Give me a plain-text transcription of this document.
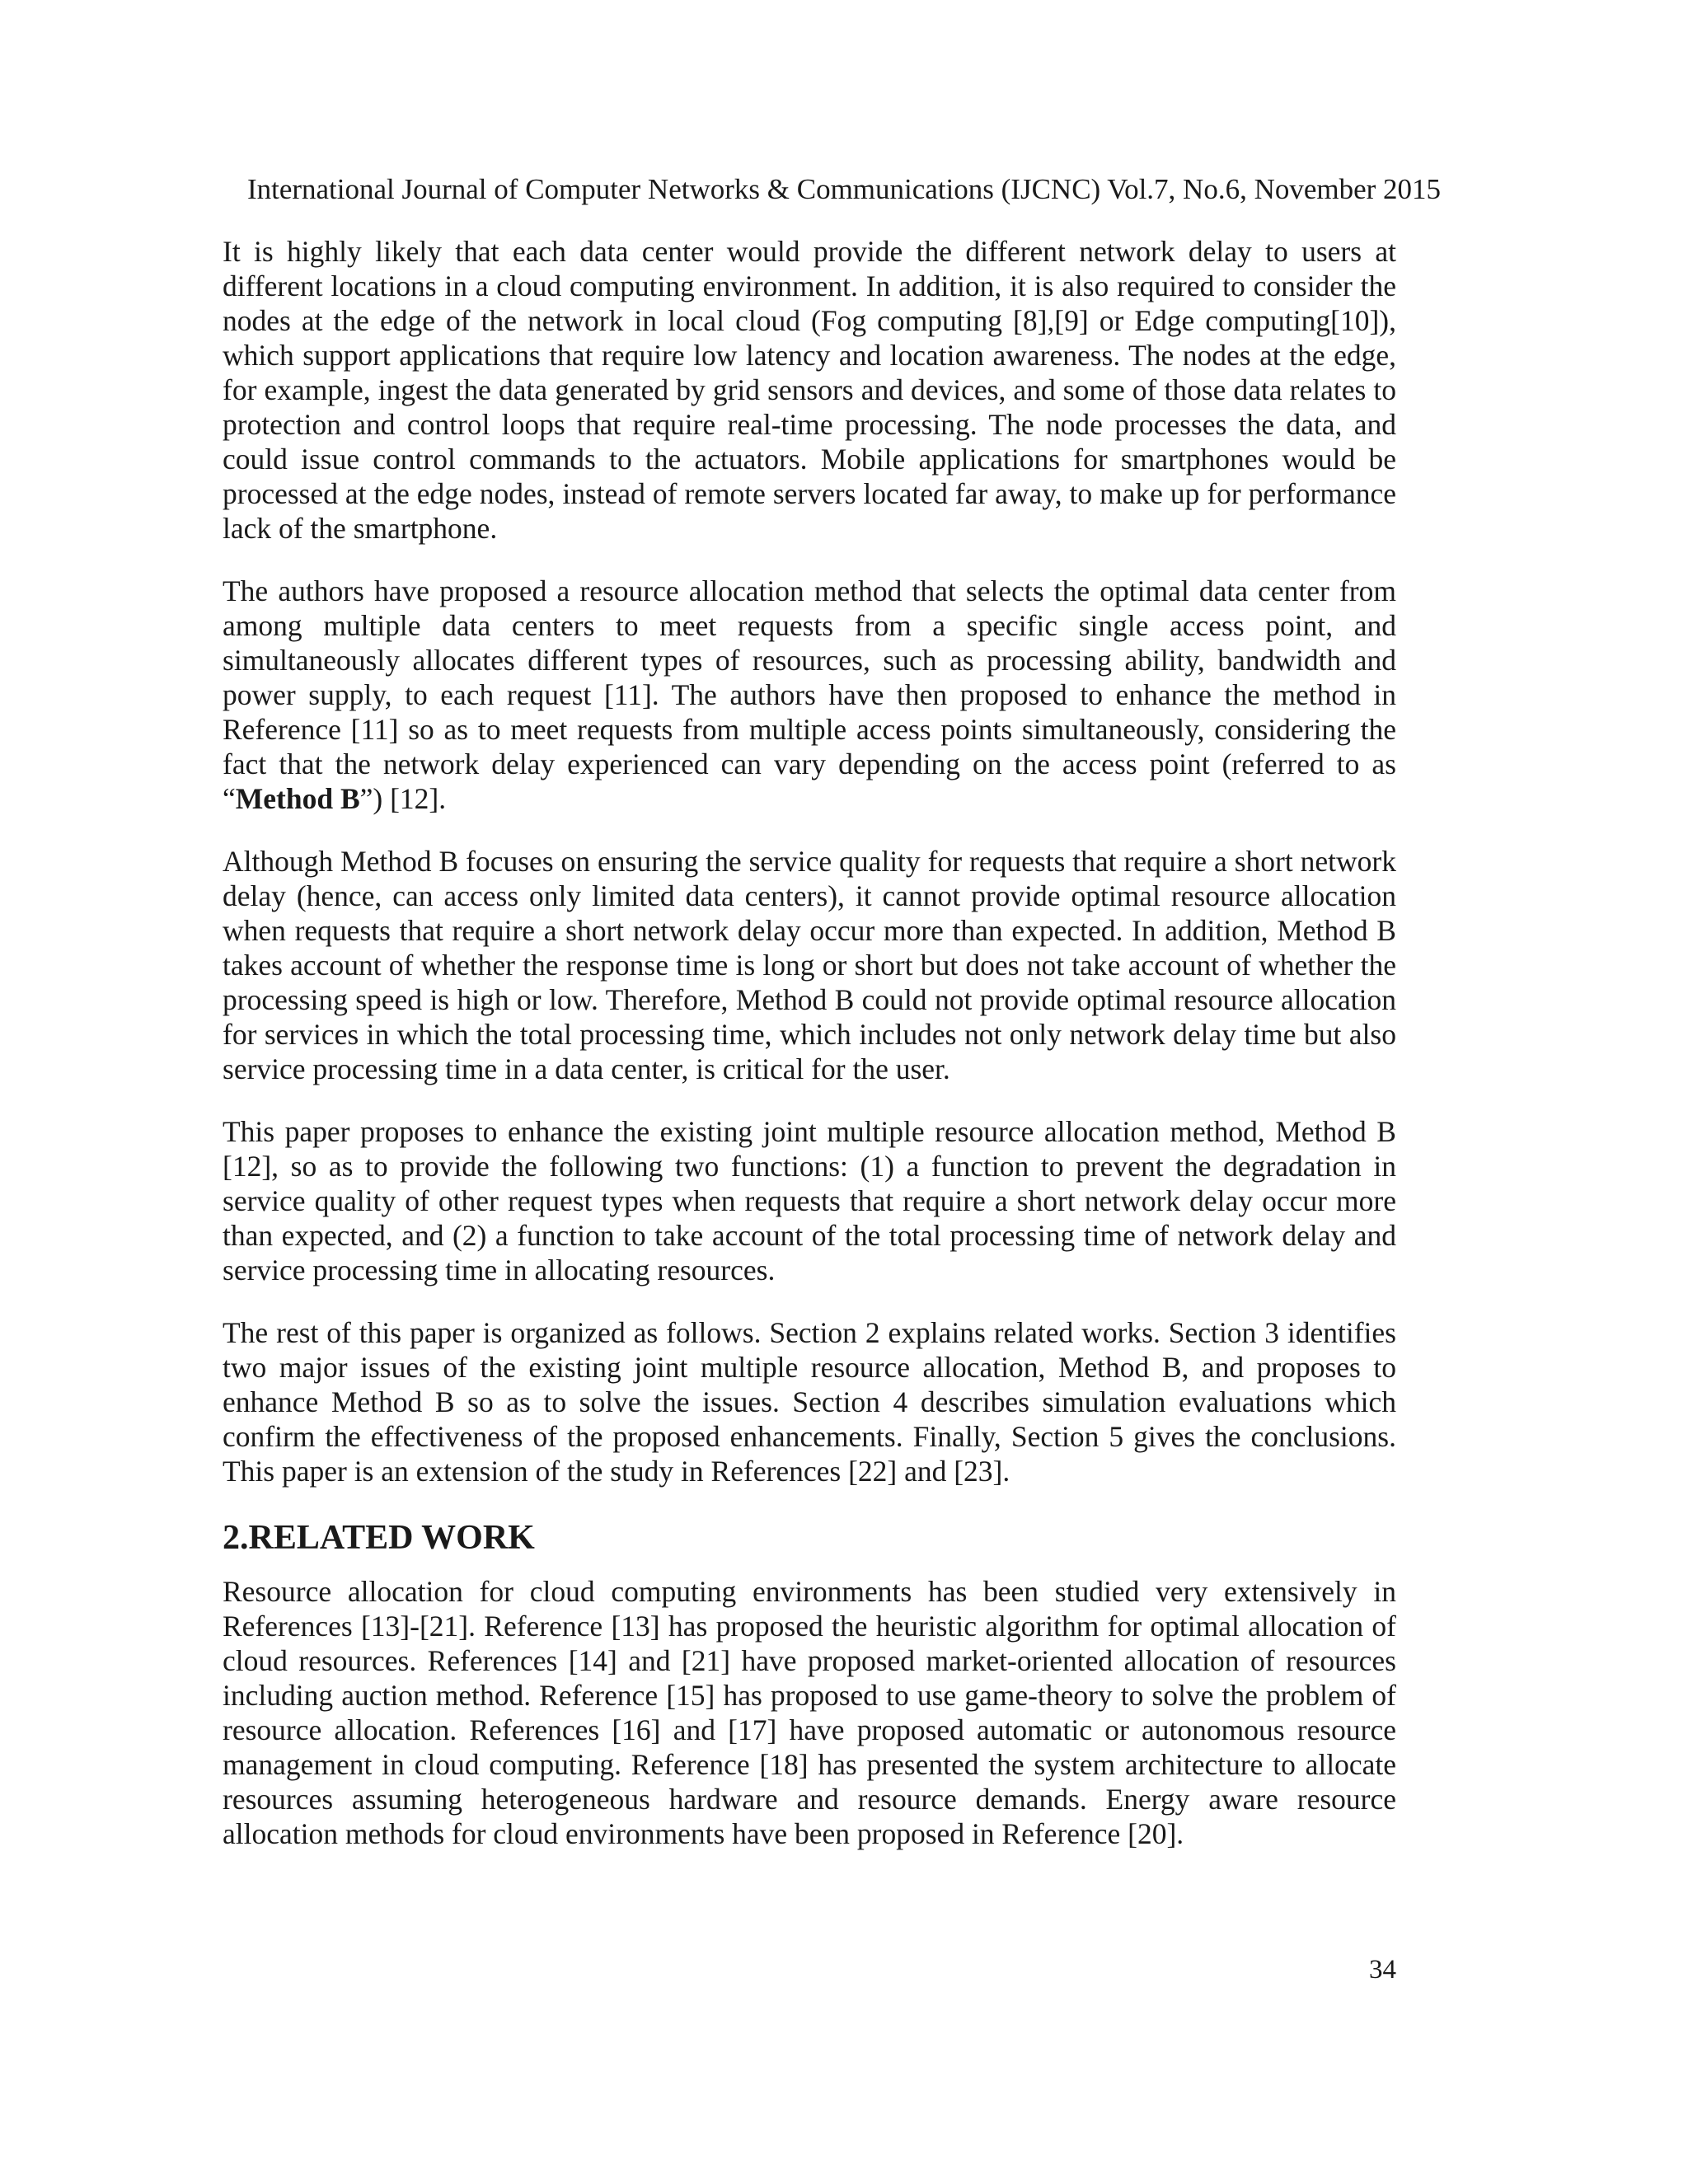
International Journal of Computer Networks & Communications (IJCNC) Vol.7, No.6, November 2015

It is highly likely that each data center would provide the different network delay to users at different locations in a cloud computing environment. In addition, it is also required to consider the nodes at the edge of the network in local cloud (Fog computing [8],[9] or Edge computing[10]), which support applications that require low latency and location awareness. The nodes at the edge, for example, ingest the data generated by grid sensors and devices, and some of those data relates to protection and control loops that require real-time processing. The node processes the data, and could issue control commands to the actuators. Mobile applications for smartphones would be processed at the edge nodes, instead of remote servers located far away, to make up for performance lack of the smartphone.

The authors have proposed a resource allocation method that selects the optimal data center from among multiple data centers to meet requests from a specific single access point, and simultaneously allocates different types of resources, such as processing ability, bandwidth and power supply, to each request [11]. The authors have then proposed to enhance the method in Reference [11] so as to meet requests from multiple access points simultaneously, considering the fact that the network delay experienced can vary depending on the access point (referred to as “Method B”) [12].

Although Method B focuses on ensuring the service quality for requests that require a short network delay (hence, can access only limited data centers), it cannot provide optimal resource allocation when requests that require a short network delay occur more than expected. In addition, Method B takes account of whether the response time is long or short but does not take account of whether the processing speed is high or low. Therefore, Method B could not provide optimal resource allocation for services in which the total processing time, which includes not only network delay time but also service processing time in a data center, is critical for the user.

This paper proposes to enhance the existing joint multiple resource allocation method, Method B [12], so as to provide the following two functions: (1) a function to prevent the degradation in service quality of other request types when requests that require a short network delay occur more than expected, and (2) a function to take account of the total processing time of network delay and service processing time in allocating resources.

The rest of this paper is organized as follows. Section 2 explains related works. Section 3 identifies two major issues of the existing joint multiple resource allocation, Method B, and proposes to enhance Method B so as to solve the issues. Section 4 describes simulation evaluations which confirm the effectiveness of the proposed enhancements. Finally, Section 5 gives the conclusions. This paper is an extension of the study in References [22] and [23].

2.RELATED WORK

Resource allocation for cloud computing environments has been studied very extensively in References [13]-[21]. Reference [13] has proposed the heuristic algorithm for optimal allocation of cloud resources. References [14] and [21] have proposed market-oriented allocation of resources including auction method. Reference [15] has proposed to use game-theory to solve the problem of resource allocation. References [16] and [17] have proposed automatic or autonomous resource management in cloud computing. Reference [18] has presented the system architecture to allocate resources assuming heterogeneous hardware and resource demands. Energy aware resource allocation methods for cloud environments have been proposed in Reference [20].

34
